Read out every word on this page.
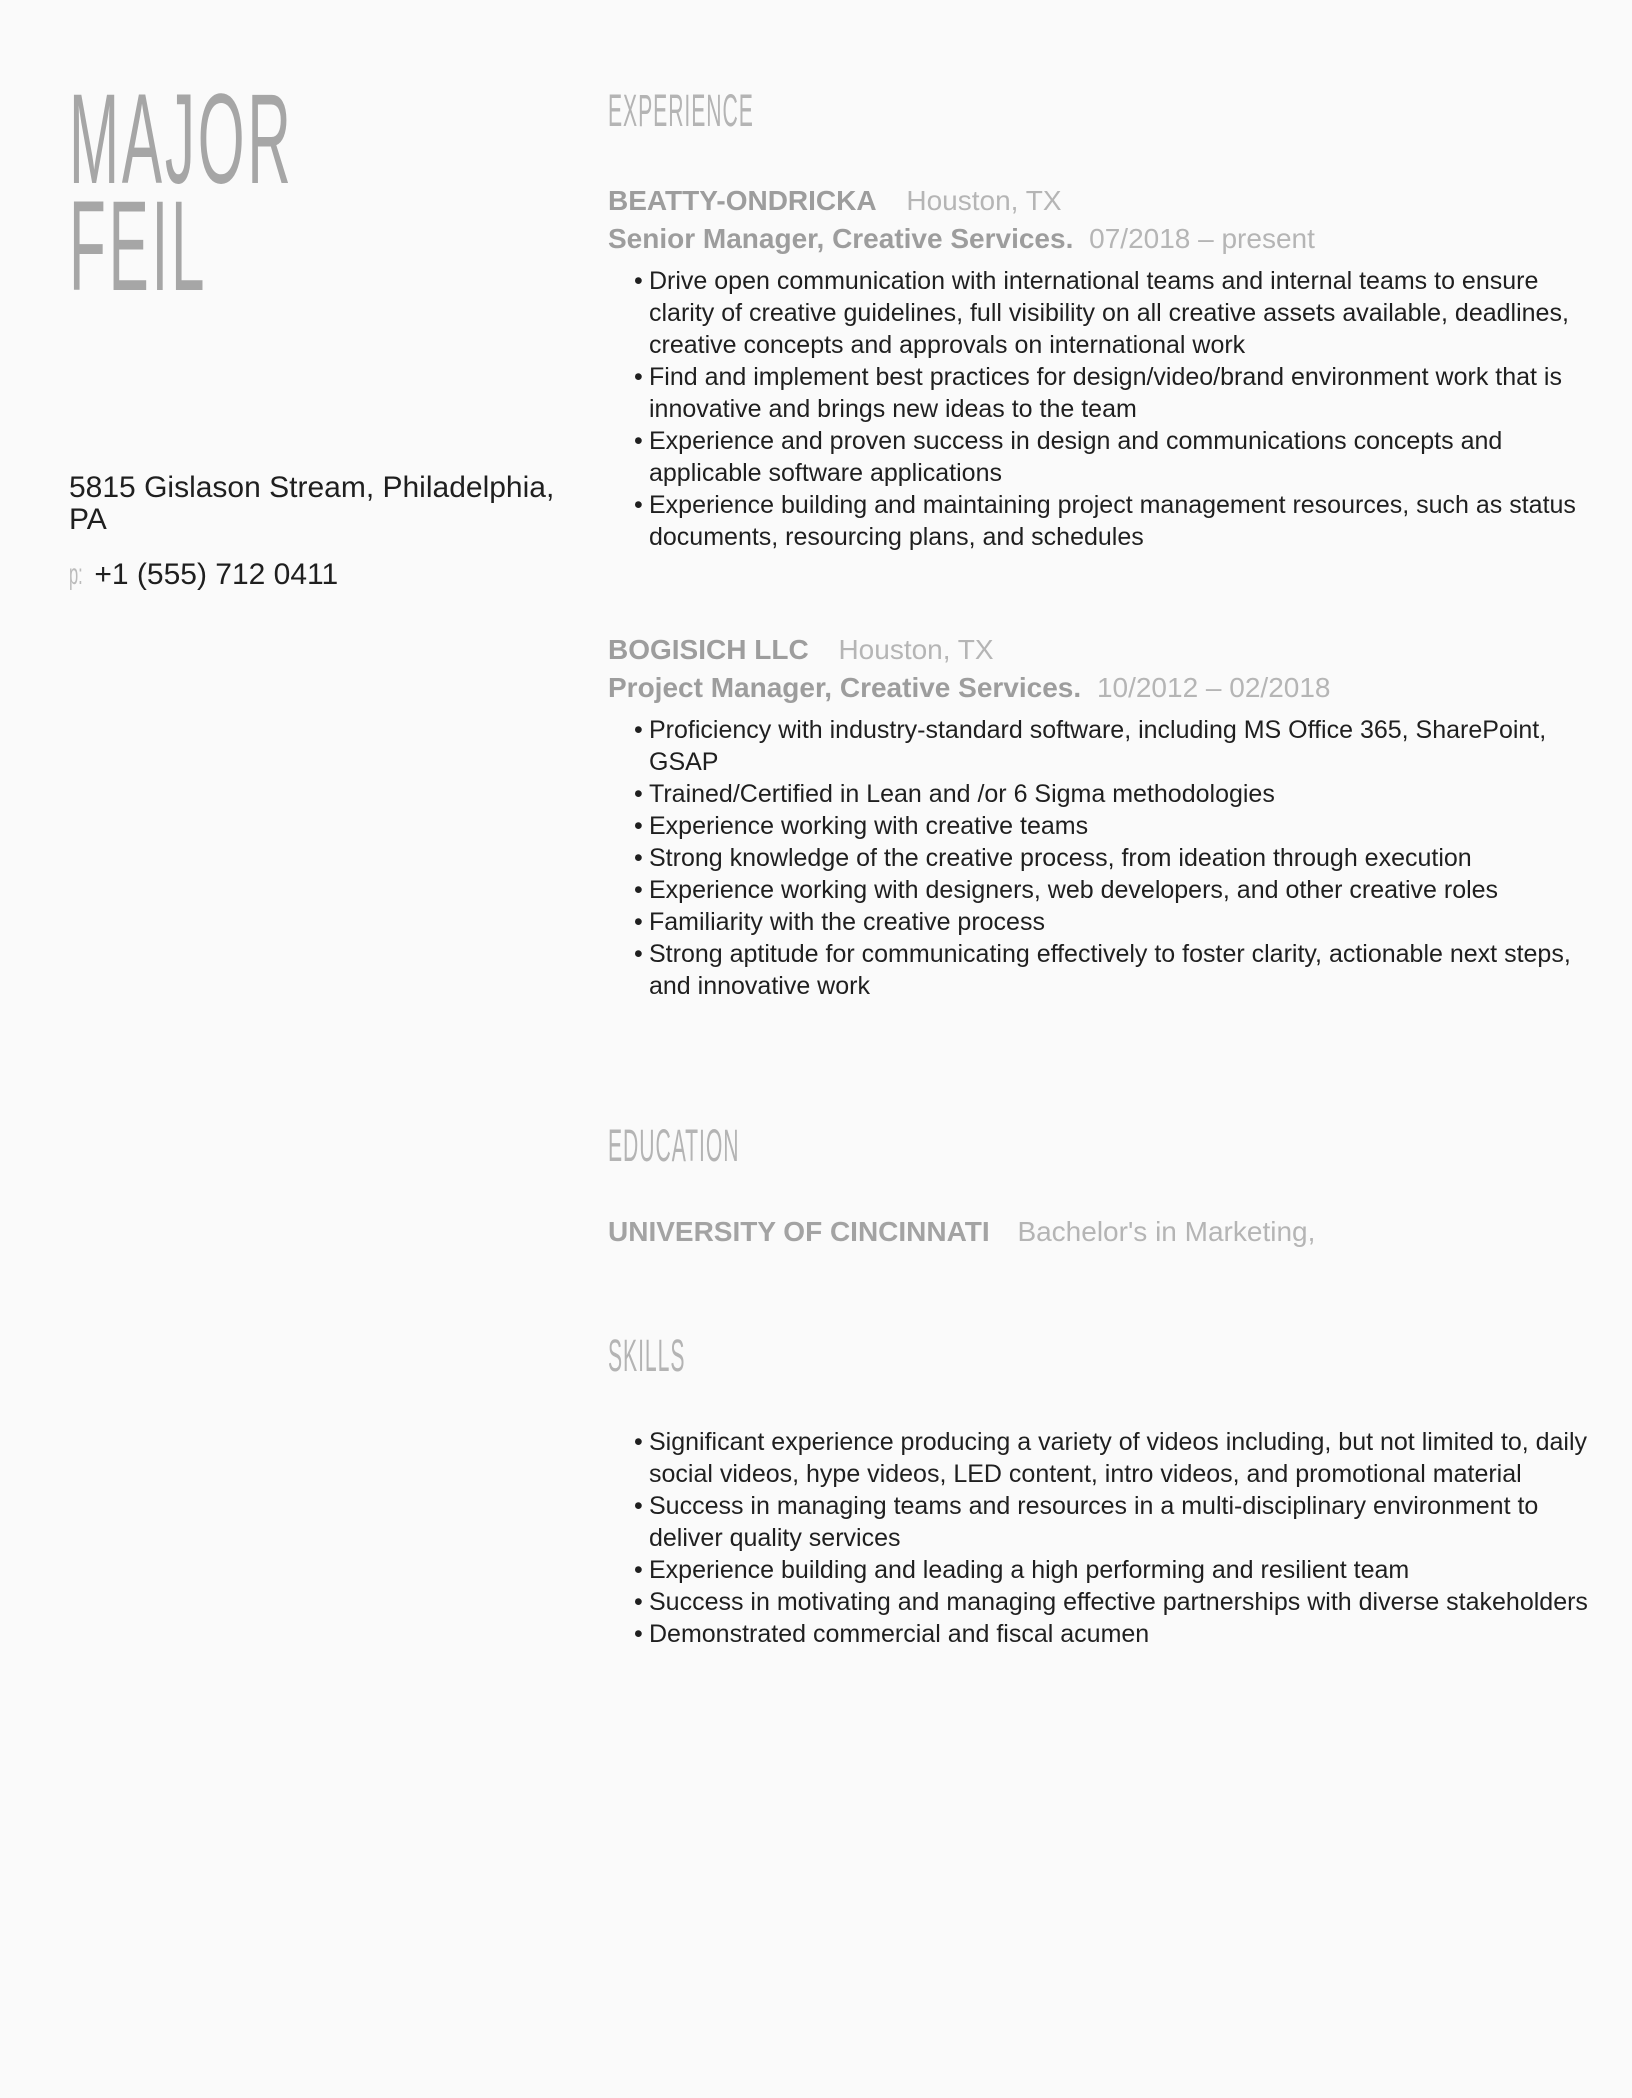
MAJOR
FEIL
5815 Gislason Stream, Philadelphia, PA
p: +1 (555) 712 0411
EXPERIENCE
BEATTY-ONDRICKA Houston, TX
Senior Manager, Creative Services. 07/2018 – present
• Drive open communication with international teams and internal teams to ensure clarity of creative guidelines, full visibility on all creative assets available, deadlines, creative concepts and approvals on international work
• Find and implement best practices for design/video/brand environment work that is innovative and brings new ideas to the team
• Experience and proven success in design and communications concepts and applicable software applications
• Experience building and maintaining project management resources, such as status documents, resourcing plans, and schedules
BOGISICH LLC Houston, TX
Project Manager, Creative Services. 10/2012 – 02/2018
• Proficiency with industry-standard software, including MS Office 365, SharePoint, GSAP
• Trained/Certified in Lean and /or 6 Sigma methodologies
• Experience working with creative teams
• Strong knowledge of the creative process, from ideation through execution
• Experience working with designers, web developers, and other creative roles
• Familiarity with the creative process
• Strong aptitude for communicating effectively to foster clarity, actionable next steps, and innovative work
EDUCATION
UNIVERSITY OF CINCINNATI Bachelor's in Marketing,
SKILLS
• Significant experience producing a variety of videos including, but not limited to, daily social videos, hype videos, LED content, intro videos, and promotional material
• Success in managing teams and resources in a multi-disciplinary environment to deliver quality services
• Experience building and leading a high performing and resilient team
• Success in motivating and managing effective partnerships with diverse stakeholders
• Demonstrated commercial and fiscal acumen
